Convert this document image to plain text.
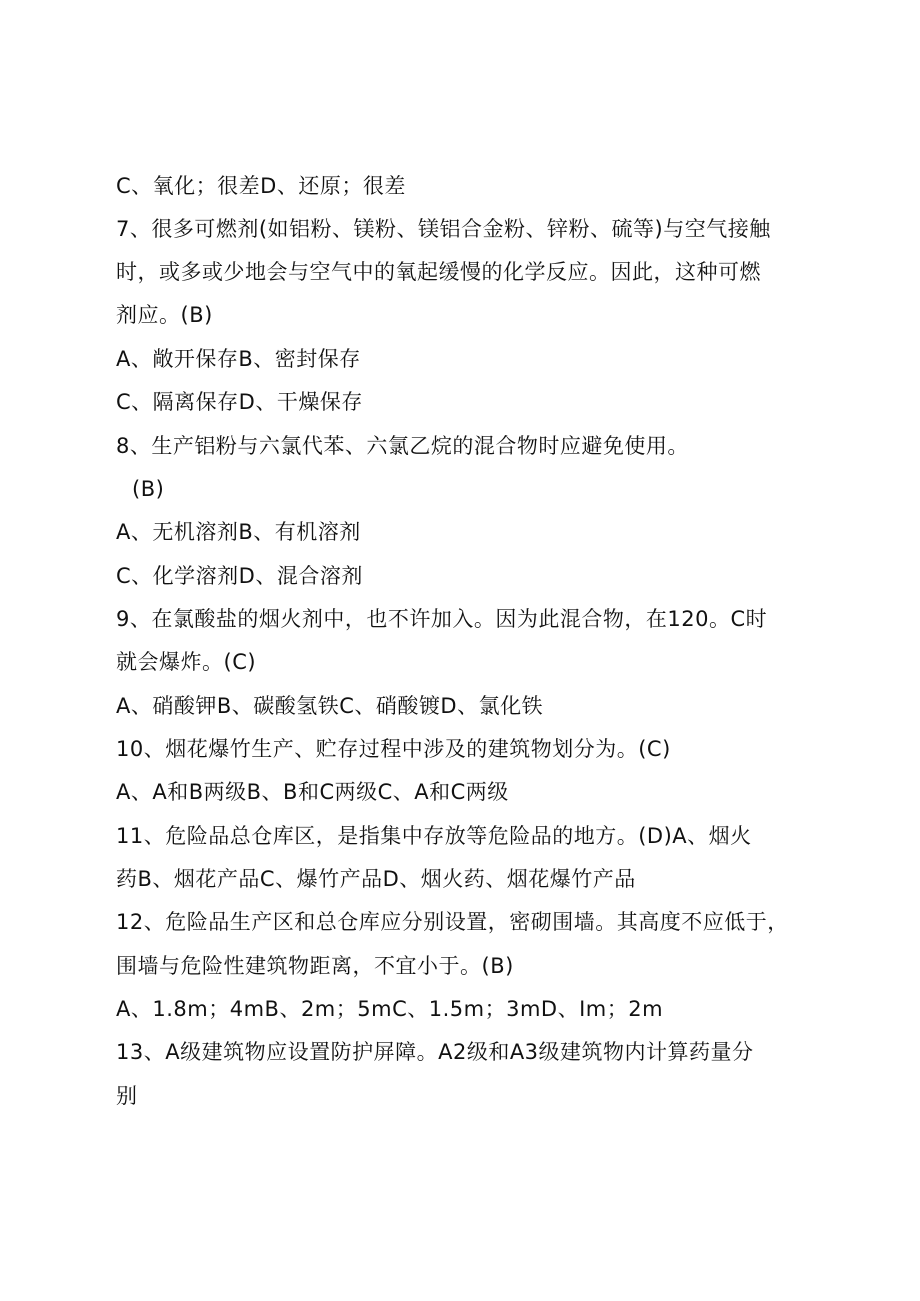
C、氧化；很差D、还原；很差
7、很多可燃剂(如铝粉、镁粉、镁铝合金粉、锌粉、硫等)与空气接触
时，或多或少地会与空气中的氧起缓慢的化学反应。因此，这种可燃
剂应。(B)
A、敞开保存B、密封保存
C、隔离保存D、干燥保存
8、生产铝粉与六氯代苯、六氯乙烷的混合物时应避免使用。
(B)
A、无机溶剂B、有机溶剂
C、化学溶剂D、混合溶剂
9、在氯酸盐的烟火剂中，也不许加入。因为此混合物，在120。C时
就会爆炸。(C)
A、硝酸钾B、碳酸氢铁C、硝酸镀D、氯化铁
10、烟花爆竹生产、贮存过程中涉及的建筑物划分为。(C)
A、A和B两级B、B和C两级C、A和C两级
11、危险品总仓库区，是指集中存放等危险品的地方。(D)A、烟火
药B、烟花产品C、爆竹产品D、烟火药、烟花爆竹产品
12、危险品生产区和总仓库应分别设置，密砌围墙。其高度不应低于，
围墙与危险性建筑物距离，不宜小于。(B)
A、1.8m；4mB、2m；5mC、1.5m；3mD、Im；2m
13、A级建筑物应设置防护屏障。A2级和A3级建筑物内计算药量分
别
